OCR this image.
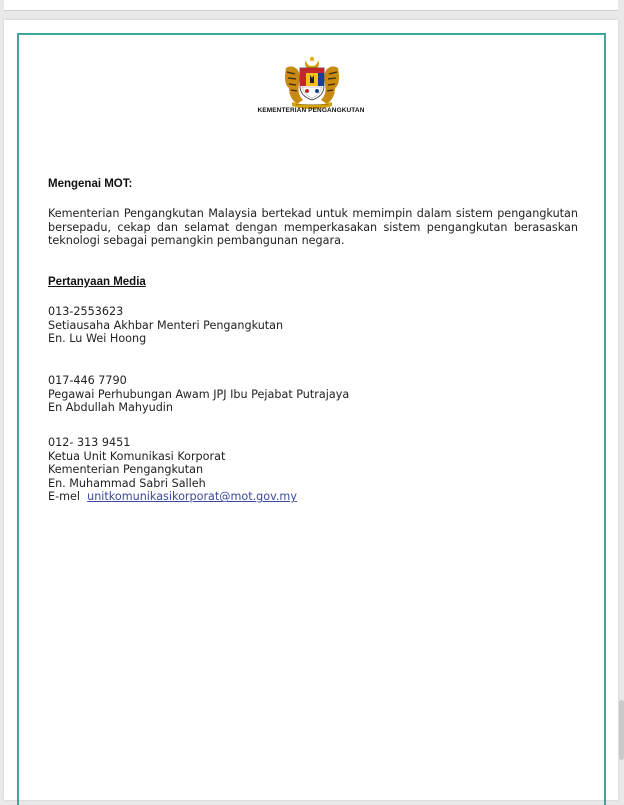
KEMENTERIAN PENGANGKUTAN
Mengenai MOT:
Kementerian Pengangkutan Malaysia bertekad untuk memimpin dalam sistem pengangkutan bersepadu, cekap dan selamat dengan memperkasakan sistem pengangkutan berasaskan teknologi sebagai pemangkin pembangunan negara.
Pertanyaan Media
013-2553623
Setiausaha Akhbar Menteri Pengangkutan
En. Lu Wei Hoong
017-446 7790
Pegawai Perhubungan Awam JPJ Ibu Pejabat Putrajaya
En Abdullah Mahyudin
012- 313 9451
Ketua Unit Komunikasi Korporat
Kementerian Pengangkutan
En. Muhammad Sabri Salleh
E-mel unitkomunikasikorporat@mot.gov.my
